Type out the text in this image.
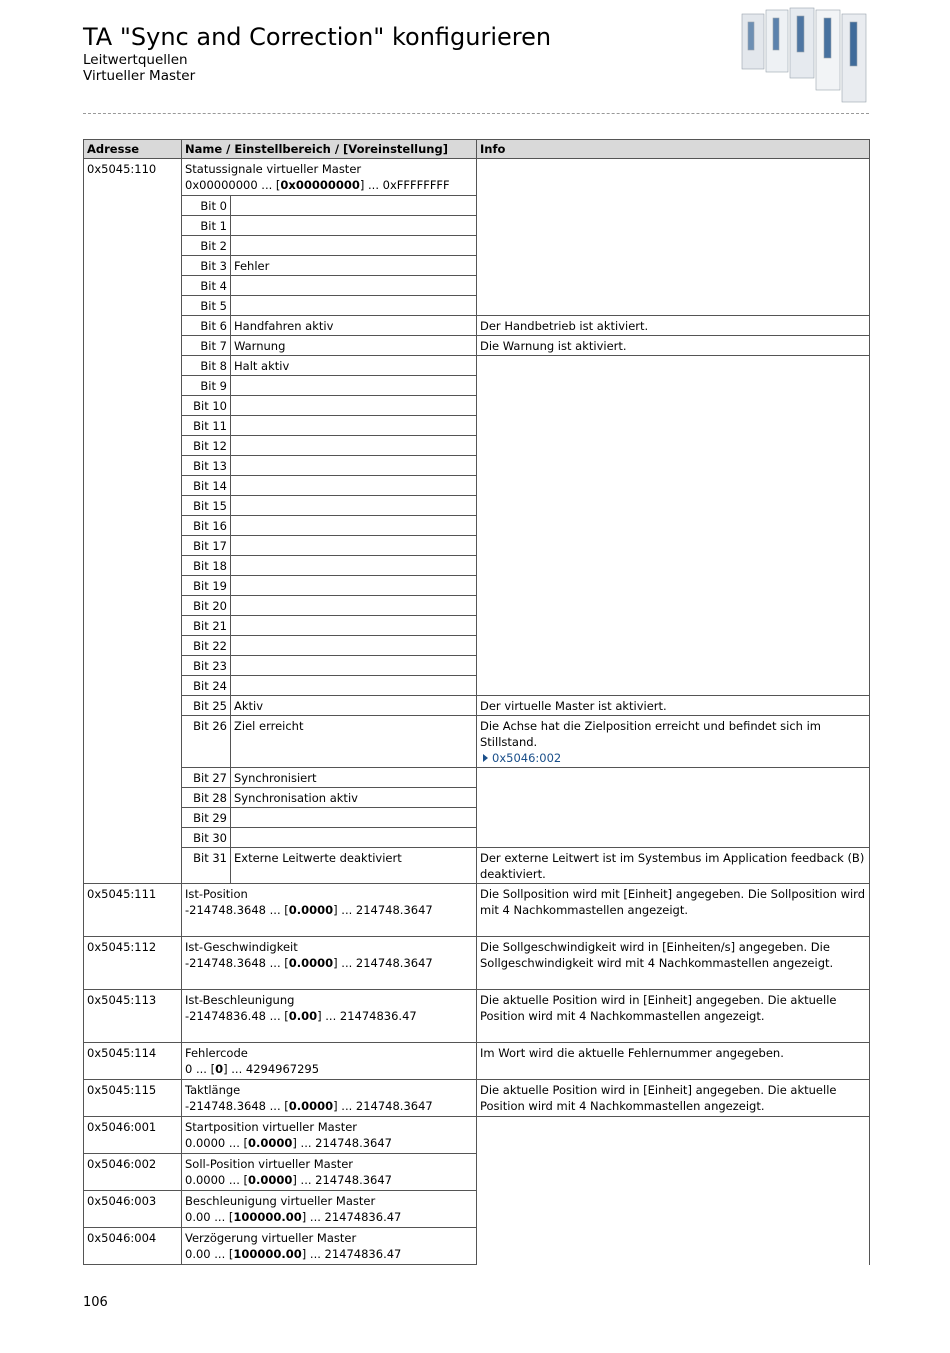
TA "Sync and Correction" konfigurieren
Leitwertquellen
Virtueller Master
Adresse	Name / Einstellbereich / [Voreinstellung]		Info
0x5045:110	Statussignale virtueller Master
0x00000000 ... [0x00000000] ... 0xFFFFFFFF		
	Bit 0		
	Bit 1		
	Bit 2		
	Bit 3	Fehler	
	Bit 4		
	Bit 5		
	Bit 6	Handfahren aktiv	Der Handbetrieb ist aktiviert.
	Bit 7	Warnung	Die Warnung ist aktiviert.
	Bit 8	Halt aktiv	
	Bit 9		
	Bit 10		
	Bit 11		
	Bit 12		
	Bit 13		
	Bit 14		
	Bit 15		
	Bit 16		
	Bit 17		
	Bit 18		
	Bit 19		
	Bit 20		
	Bit 21		
	Bit 22		
	Bit 23		
	Bit 24		
	Bit 25	Aktiv	Der virtuelle Master ist aktiviert.
	Bit 26	Ziel erreicht	Die Achse hat die Zielposition erreicht und befindet sich im Stillstand.
0x5046:002
	Bit 27	Synchronisiert	
	Bit 28	Synchronisation aktiv	
	Bit 29		
	Bit 30		
	Bit 31	Externe Leitwerte deaktiviert	Der externe Leitwert ist im Systembus im Application feedback (B) deaktiviert.
0x5045:111	Ist-Position
-214748.3648 ... [0.0000] ... 214748.3647		Die Sollposition wird mit [Einheit] angegeben. Die Sollposition wird mit 4 Nachkommastellen angezeigt.
0x5045:112	Ist-Geschwindigkeit
-214748.3648 ... [0.0000] ... 214748.3647		Die Sollgeschwindigkeit wird in [Einheiten/s] angegeben. Die Sollgeschwindigkeit wird mit 4 Nachkommastellen angezeigt.
0x5045:113	Ist-Beschleunigung
-21474836.48 ... [0.00] ... 21474836.47		Die aktuelle Position wird in [Einheit] angegeben. Die aktuelle Position wird mit 4 Nachkommastellen angezeigt.
0x5045:114	Fehlercode
0 ... [0] ... 4294967295		Im Wort wird die aktuelle Fehlernummer angegeben.
0x5045:115	Taktlänge
-214748.3648 ... [0.0000] ... 214748.3647		Die aktuelle Position wird in [Einheit] angegeben. Die aktuelle Position wird mit 4 Nachkommastellen angezeigt.
0x5046:001	Startposition virtueller Master
0.0000 ... [0.0000] ... 214748.3647		
0x5046:002	Soll-Position virtueller Master
0.0000 ... [0.0000] ... 214748.3647		
0x5046:003	Beschleunigung virtueller Master
0.00 ... [100000.00] ... 21474836.47		
0x5046:004	Verzögerung virtueller Master
0.00 ... [100000.00] ... 21474836.47		
106
